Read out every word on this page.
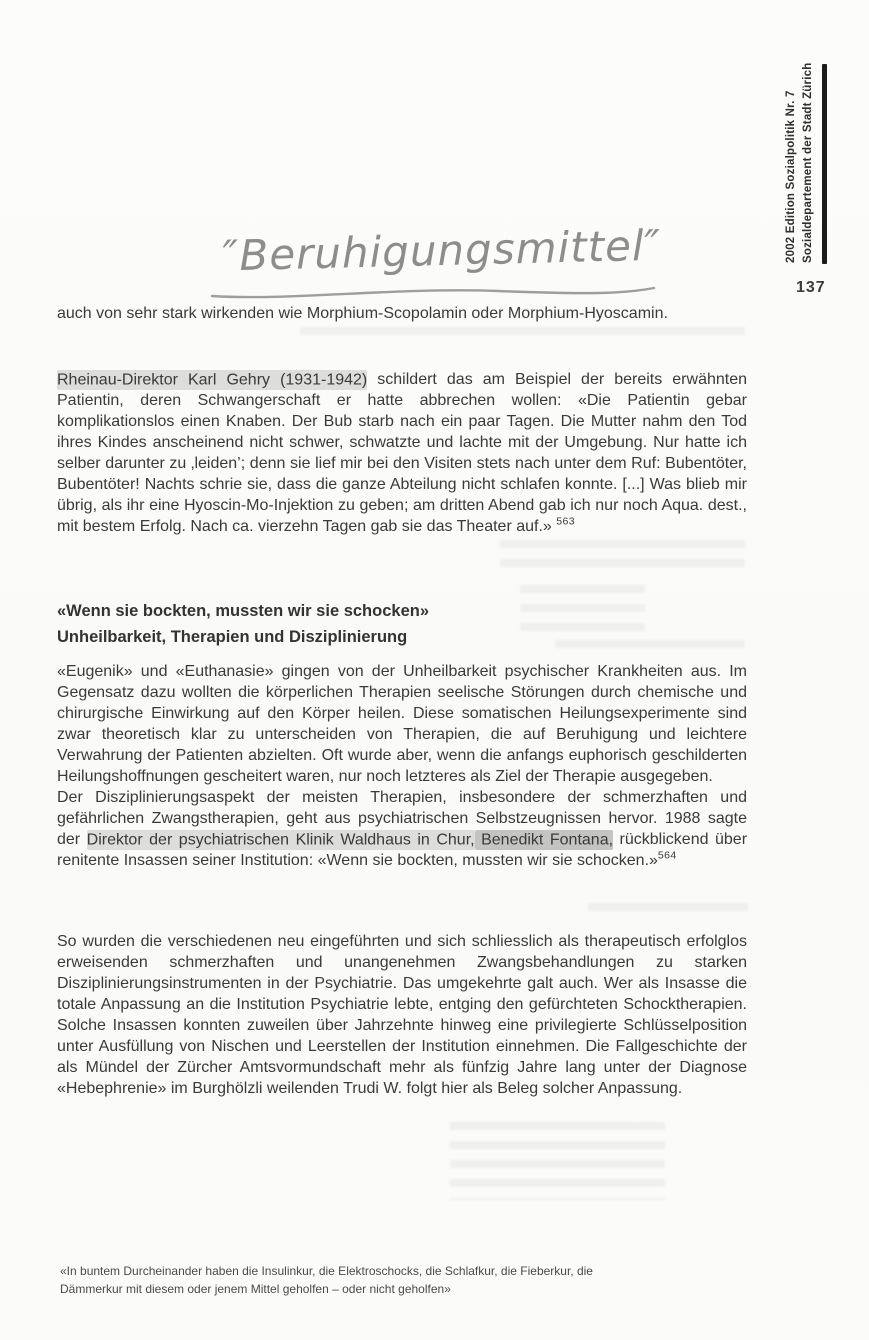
″Beruhigungsmittel″	2002 Edition Sozialpolitik Nr. 7 Sozialdepartement der Stadt Zürich
137

auch von sehr stark wirkenden wie Morphium-Scopolamin oder Morphium-Hyoscamin.

Rheinau-Direktor Karl Gehry (1931-1942) schildert das am Beispiel der bereits erwähnten Patientin, deren Schwangerschaft er hatte abbrechen wollen: «Die Patientin gebar komplikationslos einen Knaben. Der Bub starb nach ein paar Tagen. Die Mutter nahm den Tod ihres Kindes anscheinend nicht schwer, schwatzte und lachte mit der Umgebung. Nur hatte ich selber darunter zu ‚leiden’; denn sie lief mir bei den Visiten stets nach unter dem Ruf: Bubentöter, Bubentöter! Nachts schrie sie, dass die ganze Abteilung nicht schlafen konnte. [...] Was blieb mir übrig, als ihr eine Hyoscin-Mo-Injektion zu geben; am dritten Abend gab ich nur noch Aqua. dest., mit bestem Erfolg. Nach ca. vierzehn Tagen gab sie das Theater auf.» $^{563}$

«Wenn sie bockten, mussten wir sie schocken»
Unheilbarkeit, Therapien und Disziplinierung

«Eugenik» und «Euthanasie» gingen von der Unheilbarkeit psychischer Krankheiten aus. Im Gegensatz dazu wollten die körperlichen Therapien seelische Störungen durch chemische und chirurgische Einwirkung auf den Körper heilen. Diese somatischen Heilungsexperimente sind zwar theoretisch klar zu unterscheiden von Therapien, die auf Beruhigung und leichtere Verwahrung der Patienten abzielten. Oft wurde aber, wenn die anfangs euphorisch geschilderten Heilungshoffnungen gescheitert waren, nur noch letzteres als Ziel der Therapie ausgegeben.

Der Disziplinierungsaspekt der meisten Therapien, insbesondere der schmerzhaften und gefährlichen Zwangstherapien, geht aus psychiatrischen Selbstzeugnissen hervor. 1988 sagte der Direktor der psychiatrischen Klinik Waldhaus in Chur, Benedikt Fontana, rückblickend über renitente Insassen seiner Institution: «Wenn sie bockten, mussten wir sie schocken.»$^{564}$

So wurden die verschiedenen neu eingeführten und sich schliesslich als therapeutisch erfolglos erweisenden schmerzhaften und unangenehmen Zwangsbehandlungen zu starken Disziplinierungsinstrumenten in der Psychiatrie. Das umgekehrte galt auch. Wer als Insasse die totale Anpassung an die Institution Psychiatrie lebte, entging den gefürchteten Schocktherapien. Solche Insassen konnten zuweilen über Jahrzehnte hinweg eine privilegierte Schlüsselposition unter Ausfüllung von Nischen und Leerstellen der Institution einnehmen. Die Fallgeschichte der als Mündel der Zürcher Amtsvormundschaft mehr als fünfzig Jahre lang unter der Diagnose «Hebephrenie» im Burghölzli weilenden Trudi W. folgt hier als Beleg solcher Anpassung.

«In buntem Durcheinander haben die Insulinkur, die Elektroschocks, die Schlafkur, die Fieberkur, die Dämmerkur mit diesem oder jenem Mittel geholfen – oder nicht geholfen»
